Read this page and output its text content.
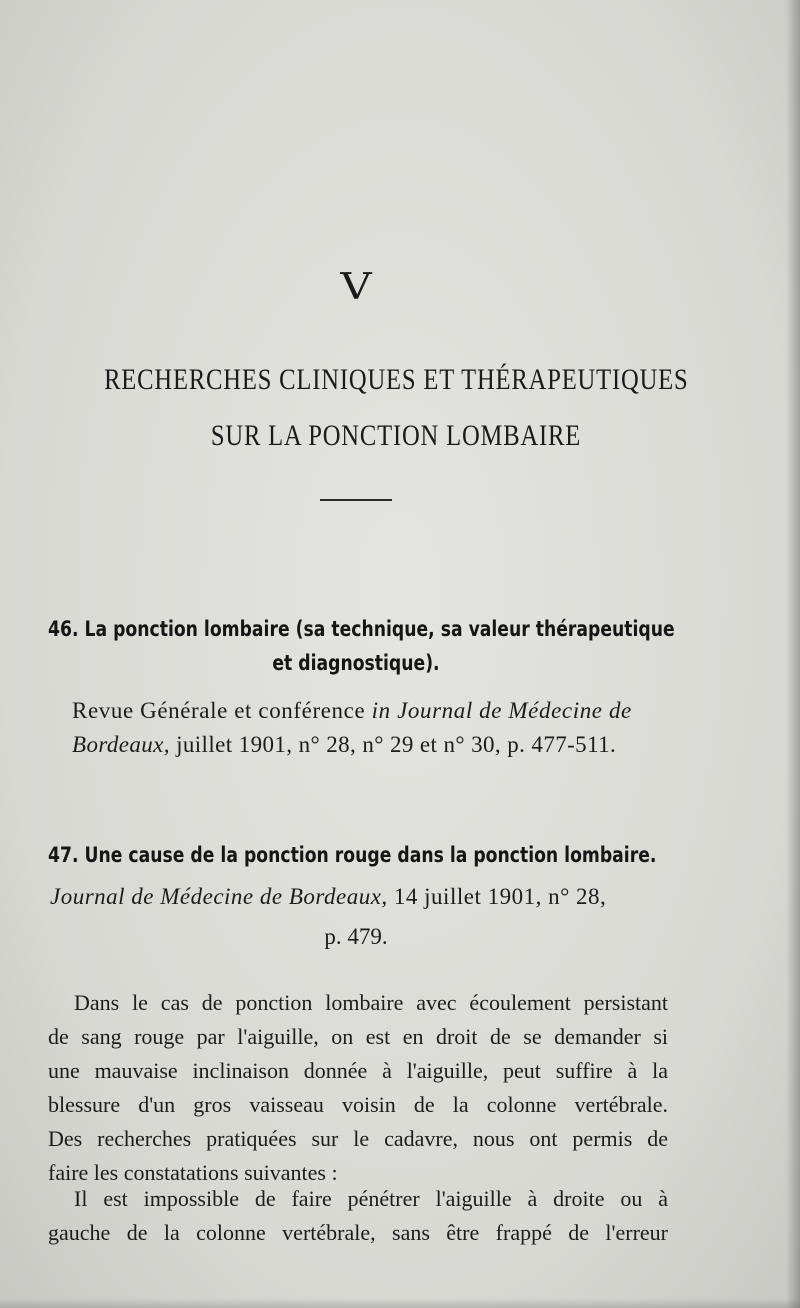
V
RECHERCHES CLINIQUES ET THÉRAPEUTIQUES
SUR LA PONCTION LOMBAIRE
46. La ponction lombaire (sa technique, sa valeur thérapeutique
et diagnostique).
Revue Générale et conférence in Journal de Médecine de
Bordeaux, juillet 1901, n° 28, n° 29 et n° 30, p. 477-511.
47. Une cause de la ponction rouge dans la ponction lombaire.
Journal de Médecine de Bordeaux, 14 juillet 1901, n° 28,
p. 479.
Dans le cas de ponction lombaire avec écoulement persistant
de sang rouge par l'aiguille, on est en droit de se demander si
une mauvaise inclinaison donnée à l'aiguille, peut suffire à la
blessure d'un gros vaisseau voisin de la colonne vertébrale.
Des recherches pratiquées sur le cadavre, nous ont permis de
faire les constatations suivantes :
Il est impossible de faire pénétrer l'aiguille à droite ou à
gauche de la colonne vertébrale, sans être frappé de l'erreur
